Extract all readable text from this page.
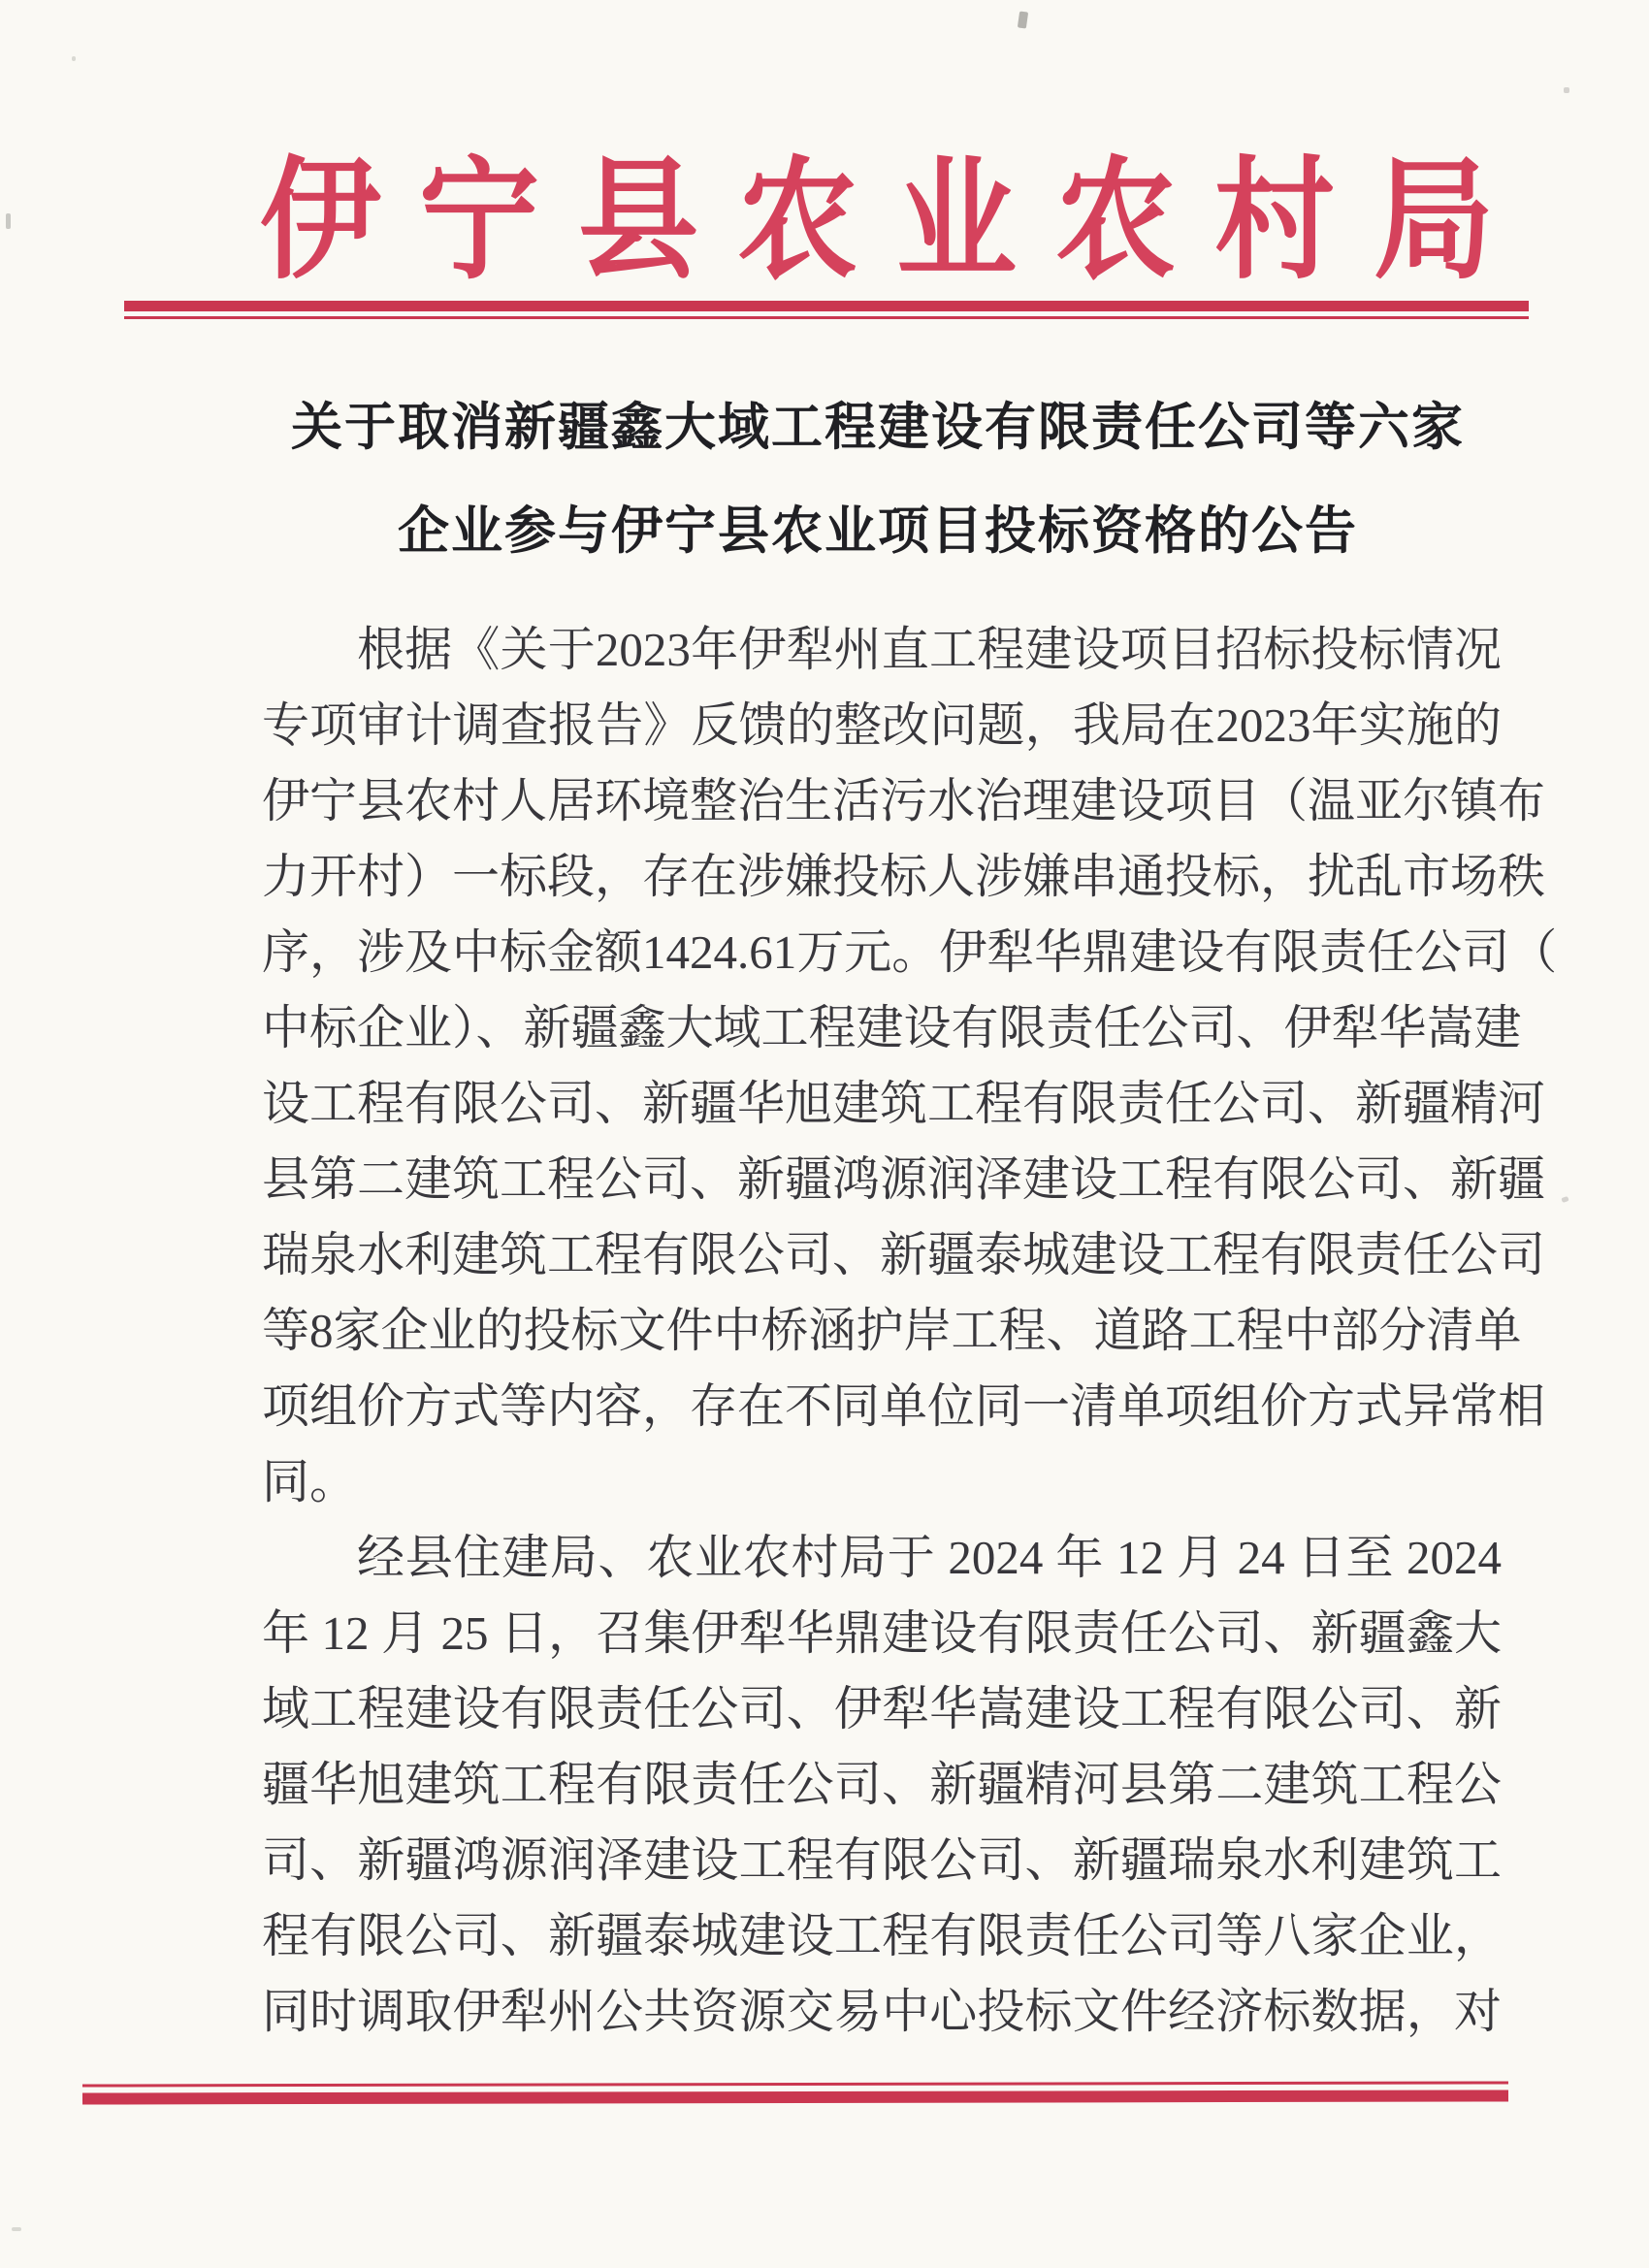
伊宁县农业农村局
关于取消新疆鑫大域工程建设有限责任公司等六家
企业参与伊宁县农业项目投标资格的公告
根据《关于2023年伊犁州直工程建设项目招标投标情况
专项审计调查报告》反馈的整改问题，我局在2023年实施的
伊宁县农村人居环境整治生活污水治理建设项目（温亚尔镇布
力开村）一标段，存在涉嫌投标人涉嫌串通投标，扰乱市场秩
序，涉及中标金额1424.61万元。伊犁华鼎建设有限责任公司（
中标企业）、新疆鑫大域工程建设有限责任公司、伊犁华嵩建
设工程有限公司、新疆华旭建筑工程有限责任公司、新疆精河
县第二建筑工程公司、新疆鸿源润泽建设工程有限公司、新疆
瑞泉水利建筑工程有限公司、新疆泰城建设工程有限责任公司
等8家企业的投标文件中桥涵护岸工程、道路工程中部分清单
项组价方式等内容，存在不同单位同一清单项组价方式异常相
同。
经县住建局、农业农村局于 2024 年 12 月 24 日至 2024
年 12 月 25 日，召集伊犁华鼎建设有限责任公司、新疆鑫大
域工程建设有限责任公司、伊犁华嵩建设工程有限公司、新
疆华旭建筑工程有限责任公司、新疆精河县第二建筑工程公
司、新疆鸿源润泽建设工程有限公司、新疆瑞泉水利建筑工
程有限公司、新疆泰城建设工程有限责任公司等八家企业，
同时调取伊犁州公共资源交易中心投标文件经济标数据，对
